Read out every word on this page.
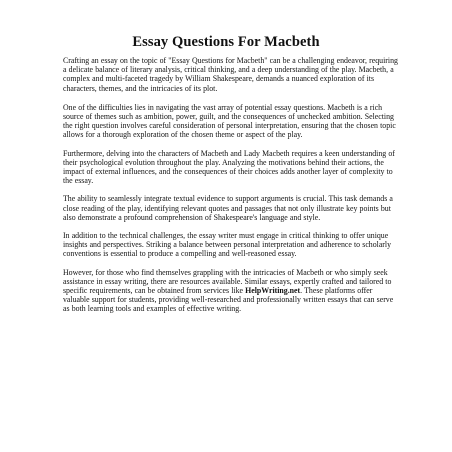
Essay Questions For Macbeth

Crafting an essay on the topic of "Essay Questions for Macbeth" can be a challenging endeavor, requiring a delicate balance of literary analysis, critical thinking, and a deep understanding of the play. Macbeth, a complex and multi-faceted tragedy by William Shakespeare, demands a nuanced exploration of its characters, themes, and the intricacies of its plot.

One of the difficulties lies in navigating the vast array of potential essay questions. Macbeth is a rich source of themes such as ambition, power, guilt, and the consequences of unchecked ambition. Selecting the right question involves careful consideration of personal interpretation, ensuring that the chosen topic allows for a thorough exploration of the chosen theme or aspect of the play.

Furthermore, delving into the characters of Macbeth and Lady Macbeth requires a keen understanding of their psychological evolution throughout the play. Analyzing the motivations behind their actions, the impact of external influences, and the consequences of their choices adds another layer of complexity to the essay.

The ability to seamlessly integrate textual evidence to support arguments is crucial. This task demands a close reading of the play, identifying relevant quotes and passages that not only illustrate key points but also demonstrate a profound comprehension of Shakespeare's language and style.

In addition to the technical challenges, the essay writer must engage in critical thinking to offer unique insights and perspectives. Striking a balance between personal interpretation and adherence to scholarly conventions is essential to produce a compelling and well-reasoned essay.

However, for those who find themselves grappling with the intricacies of Macbeth or who simply seek assistance in essay writing, there are resources available. Similar essays, expertly crafted and tailored to specific requirements, can be obtained from services like HelpWriting.net. These platforms offer valuable support for students, providing well-researched and professionally written essays that can serve as both learning tools and examples of effective writing.
